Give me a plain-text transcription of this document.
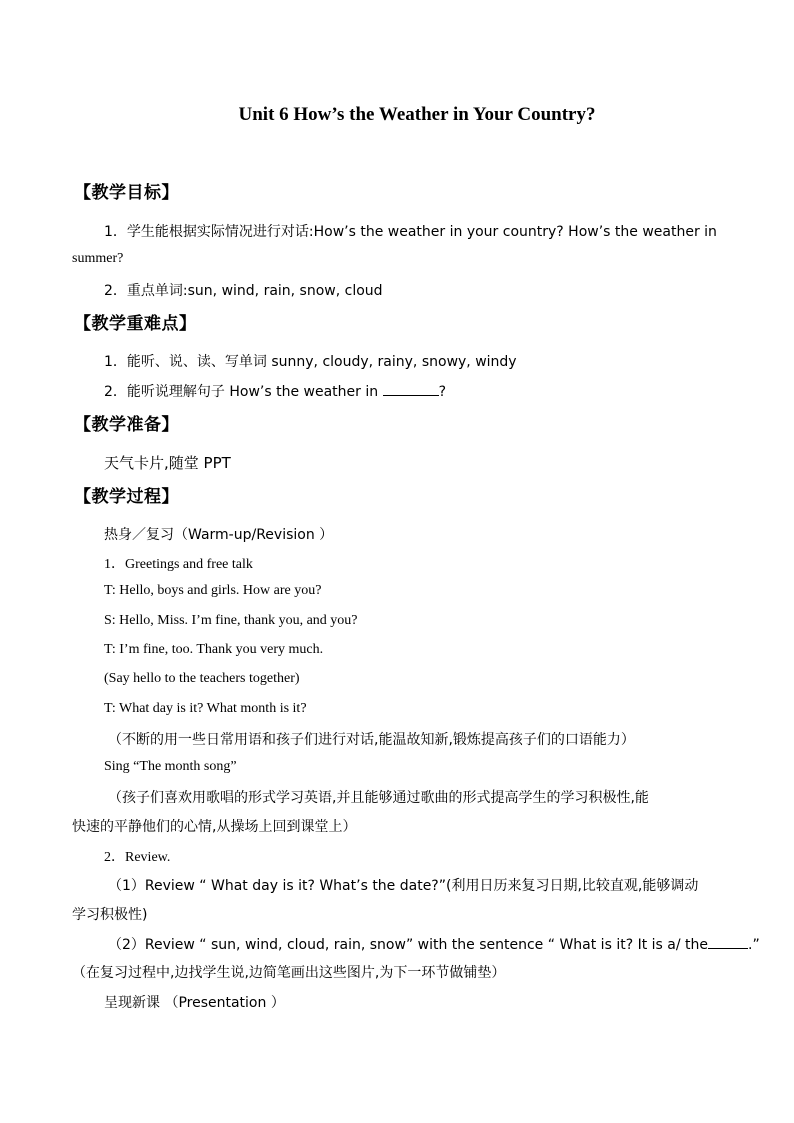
Unit 6 How’s the Weather in Your Country?
【教学目标】
1．学生能根据实际情况进行对话:How’s the weather in your country? How’s the weather in
summer?
2．重点单词:sun, wind, rain, snow, cloud
【教学重难点】
1．能听、说、读、写单词 sunny, cloudy, rainy, snowy, windy
2．能听说理解句子 How’s the weather in	?
【教学准备】
天气卡片,随堂 PPT
【教学过程】
热身／复习（Warm-up/Revision ）
1．Greetings and free talk
T: Hello, boys and girls. How are you?
S: Hello, Miss. I’m fine, thank you, and you?
T: I’m fine, too. Thank you very much.
(Say hello to the teachers together)
T: What day is it? What month is it?
（不断的用一些日常用语和孩子们进行对话,能温故知新,锻炼提高孩子们的口语能力）
Sing “The month song”
（孩子们喜欢用歌唱的形式学习英语,并且能够通过歌曲的形式提高学生的学习积极性,能
快速的平静他们的心情,从操场上回到课堂上）
2．Review.
（1）Review “ What day is it? What’s the date?”(利用日历来复习日期,比较直观,能够调动
学习积极性)
（2）Review “ sun, wind, cloud, rain, snow” with the sentence “ What is it? It is a/ the	.”
（在复习过程中,边找学生说,边简笔画出这些图片,为下一环节做铺垫）
呈现新课 （Presentation ）
